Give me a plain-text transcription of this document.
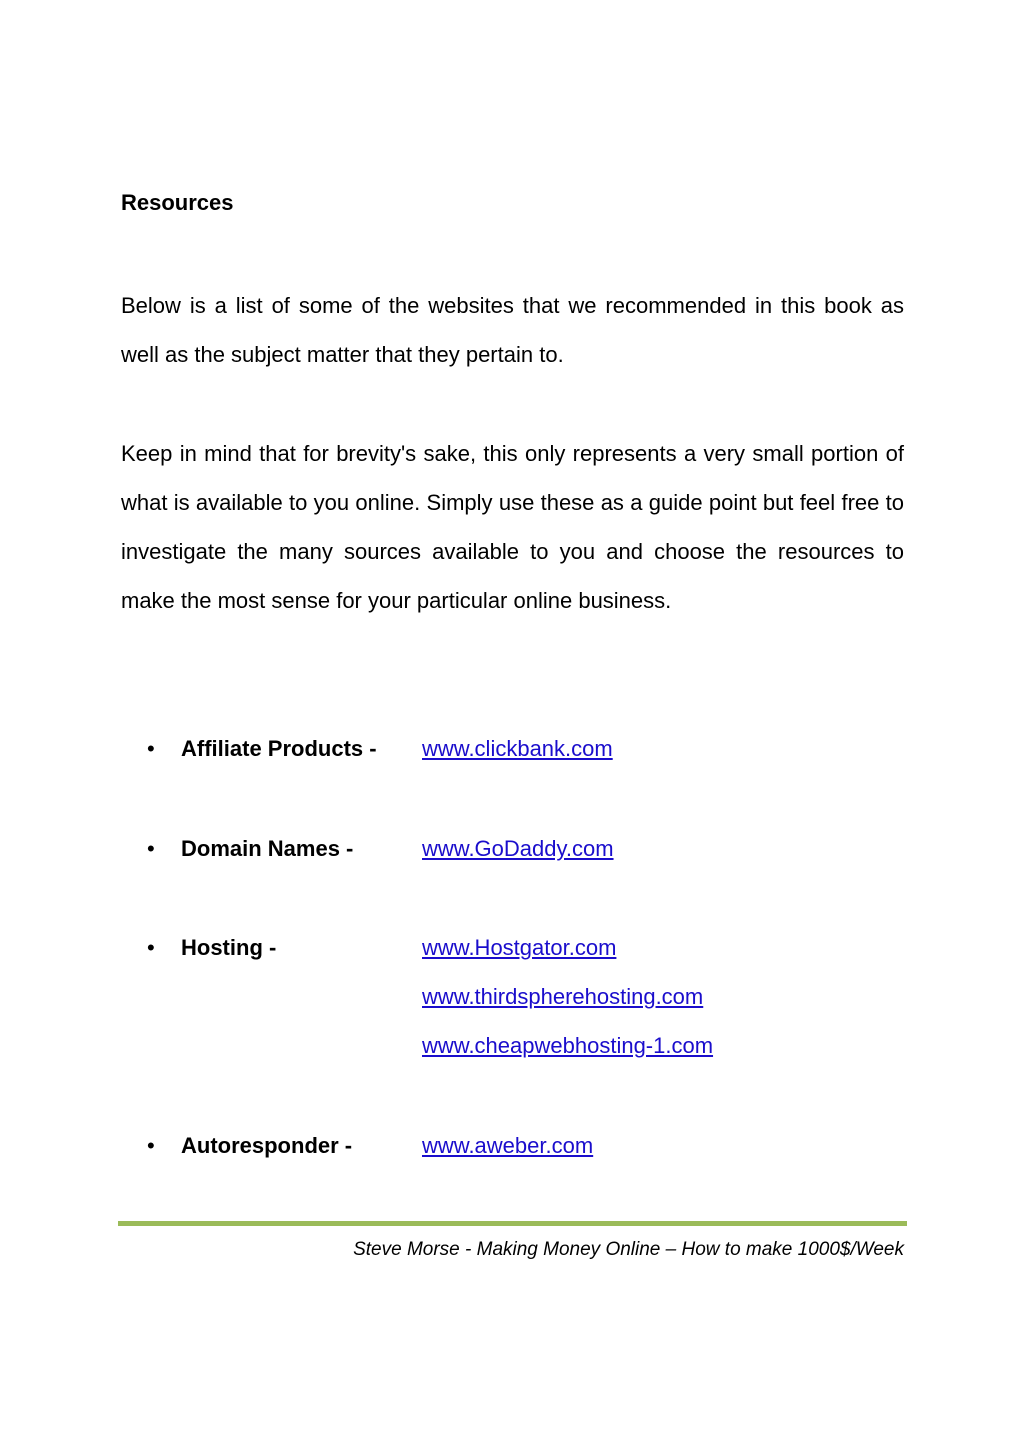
Resources
Below is a list of some of the websites that we recommended in this book as well as the subject matter that they pertain to.
Keep in mind that for brevity's sake, this only represents a very small portion of what is available to you online. Simply use these as a guide point but feel free to investigate the many sources available to you and choose the resources to make the most sense for your particular online business.
• Affiliate Products - www.clickbank.com
• Domain Names -	www.GoDaddy.com
• Hosting -	www.Hostgator.com
www.thirdspherehosting.com
www.cheapwebhosting-1.com
• Autoresponder -	www.aweber.com
Steve Morse - Making Money Online – How to make 1000$/Week
